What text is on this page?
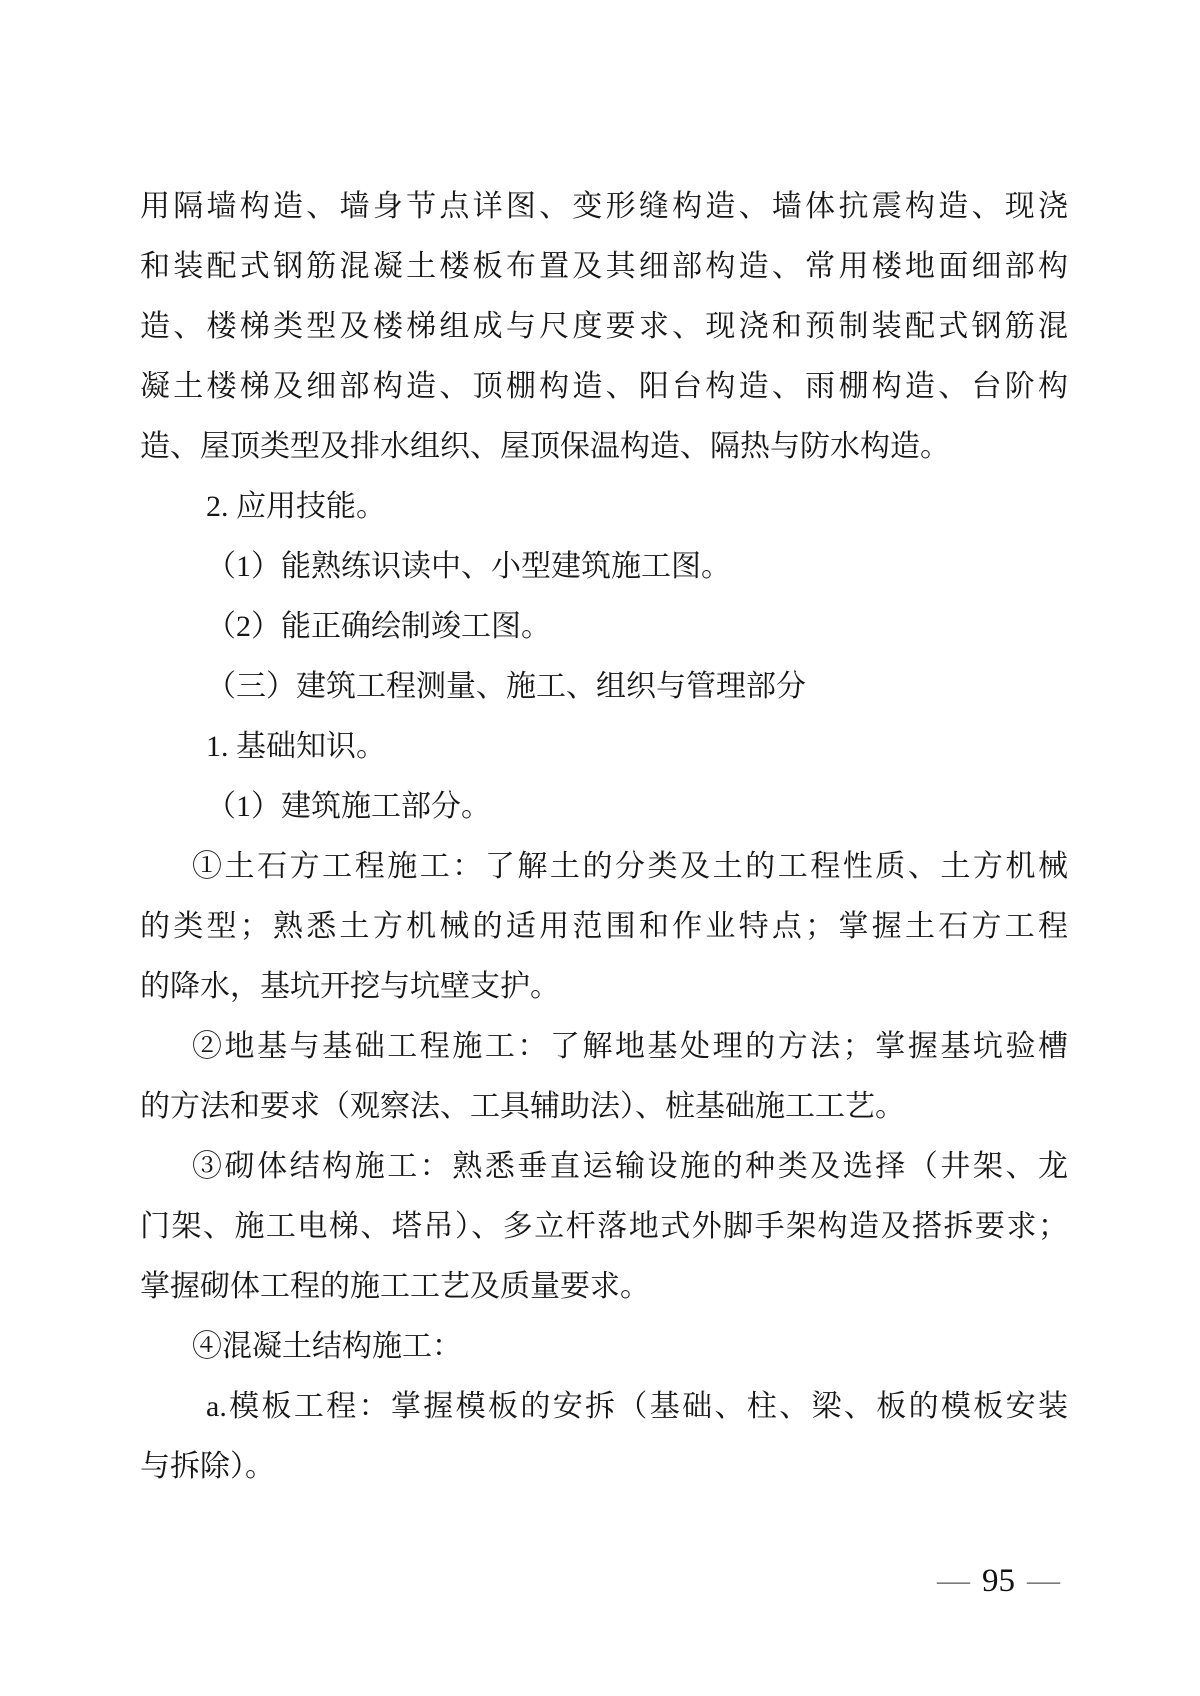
用隔墙构造、墙身节点详图、变形缝构造、墙体抗震构造、现浇
和装配式钢筋混凝土楼板布置及其细部构造、常用楼地面细部构
造、楼梯类型及楼梯组成与尺度要求、现浇和预制装配式钢筋混
凝土楼梯及细部构造、顶棚构造、阳台构造、雨棚构造、台阶构
造、屋顶类型及排水组织、屋顶保温构造、隔热与防水构造。
2. 应用技能。
（1）能熟练识读中、小型建筑施工图。
（2）能正确绘制竣工图。
（三）建筑工程测量、施工、组织与管理部分
1. 基础知识。
（1）建筑施工部分。
①土石方工程施工：了解土的分类及土的工程性质、土方机械
的类型；熟悉土方机械的适用范围和作业特点；掌握土石方工程
的降水，基坑开挖与坑壁支护。
②地基与基础工程施工：了解地基处理的方法；掌握基坑验槽
的方法和要求（观察法、工具辅助法）、桩基础施工工艺。
③砌体结构施工：熟悉垂直运输设施的种类及选择（井架、龙
门架、施工电梯、塔吊）、多立杆落地式外脚手架构造及搭拆要求；
掌握砌体工程的施工工艺及质量要求。
④混凝土结构施工：
a.模板工程：掌握模板的安拆（基础、柱、梁、板的模板安装
与拆除）。
— 95 —
